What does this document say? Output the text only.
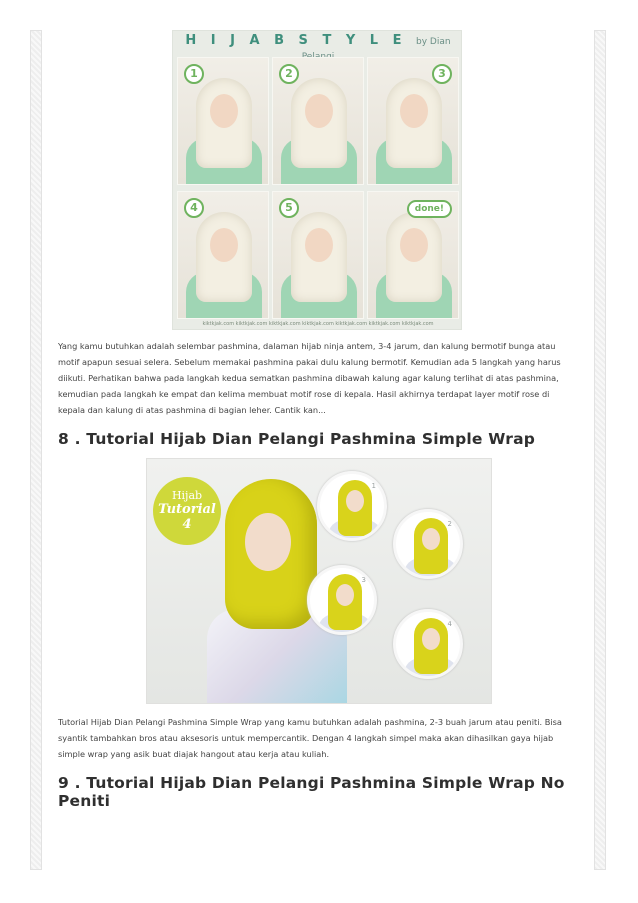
H I J A B S T Y L E by Dian
1	2	3
4	5	done!
kiktkjak.com kiktkjak.com kiktkjak.com kiktkjak.com kiktkjak.com kiktkjak.com kiktkjak.com

Yang kamu butuhkan adalah selembar pashmina, dalaman hijab ninja antem, 3-4 jarum, dan kalung bermotif bunga atau motif apapun sesuai selera. Sebelum memakai pashmina pakai dulu kalung bermotif. Kemudian ada 5 langkah yang harus diikuti. Perhatikan bahwa pada langkah kedua sematkan pashmina dibawah kalung agar kalung terlihat di atas pashmina, kemudian pada langkah ke empat dan kelima membuat motif rose di kepala. Hasil akhirnya terdapat layer motif rose di kepala dan kalung di atas pashmina di bagian leher. Cantik kan...

8 . Tutorial Hijab Dian Pelangi Pashmina Simple Wrap
Hijab
Tutorial 4
1
2
3
4

Tutorial Hijab Dian Pelangi Pashmina Simple Wrap yang kamu butuhkan adalah pashmina, 2-3 buah jarum atau peniti. Bisa syantik tambahkan bros atau aksesoris untuk mempercantik. Dengan 4 langkah simpel maka akan dihasilkan gaya hijab simple wrap yang asik buat diajak hangout atau kerja atau kuliah.

9 . Tutorial Hijab Dian Pelangi Pashmina Simple Wrap No Peniti
